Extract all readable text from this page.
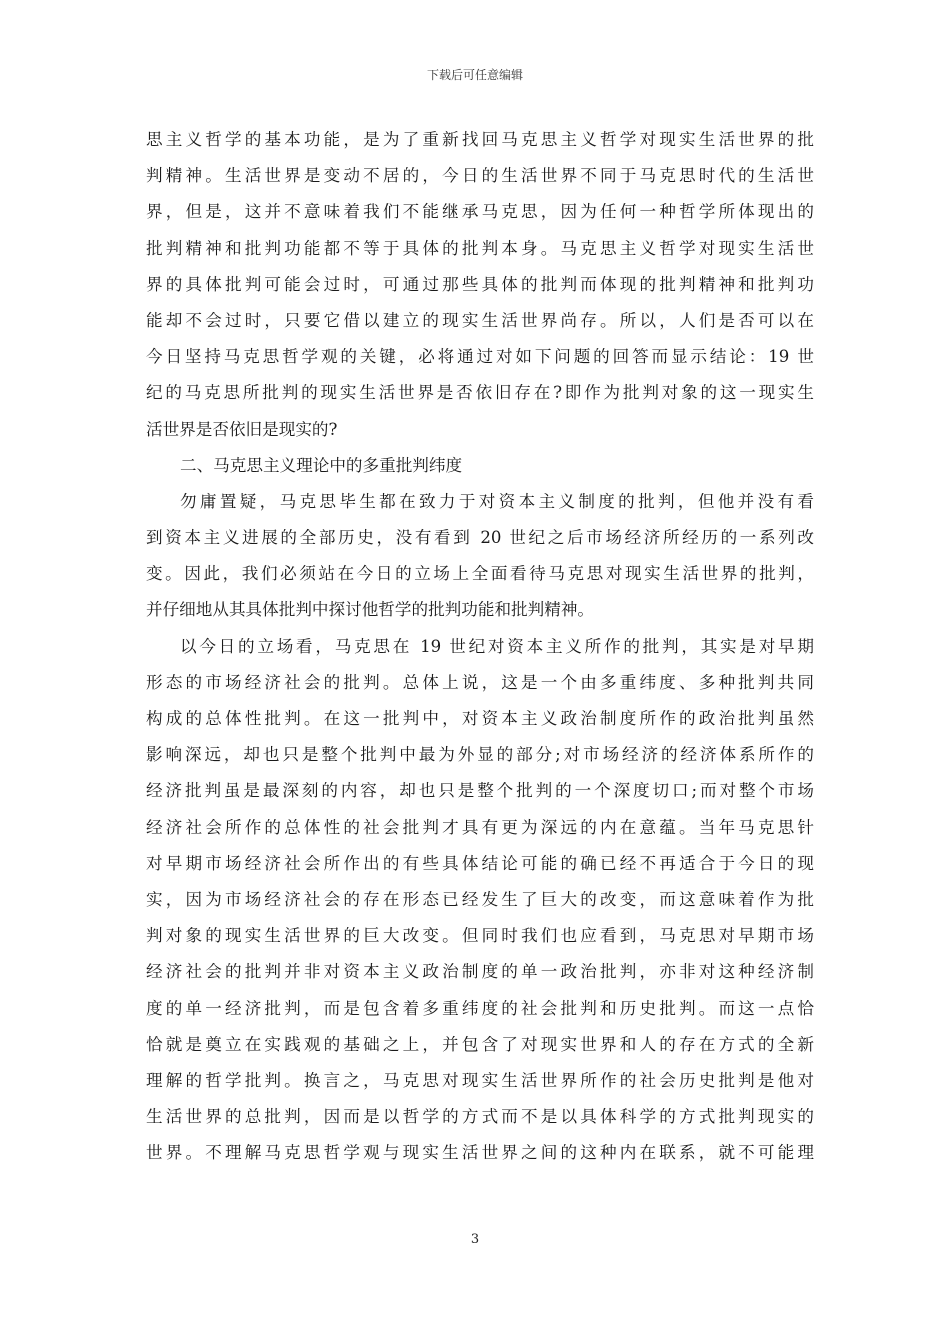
下载后可任意编辑
思主义哲学的基本功能，是为了重新找回马克思主义哲学对现实生活世界的批
判精神。生活世界是变动不居的，今日的生活世界不同于马克思时代的生活世
界，但是，这并不意味着我们不能继承马克思，因为任何一种哲学所体现出的
批判精神和批判功能都不等于具体的批判本身。马克思主义哲学对现实生活世
界的具体批判可能会过时，可通过那些具体的批判而体现的批判精神和批判功
能却不会过时，只要它借以建立的现实生活世界尚存。所以，人们是否可以在
今日坚持马克思哲学观的关键，必将通过对如下问题的回答而显示结论：19 世
纪的马克思所批判的现实生活世界是否依旧存在?即作为批判对象的这一现实生
活世界是否依旧是现实的?
二、马克思主义理论中的多重批判纬度
勿庸置疑，马克思毕生都在致力于对资本主义制度的批判，但他并没有看
到资本主义进展的全部历史，没有看到 20 世纪之后市场经济所经历的一系列改
变。因此，我们必须站在今日的立场上全面看待马克思对现实生活世界的批判，
并仔细地从其具体批判中探讨他哲学的批判功能和批判精神。
以今日的立场看，马克思在 19 世纪对资本主义所作的批判，其实是对早期
形态的市场经济社会的批判。总体上说，这是一个由多重纬度、多种批判共同
构成的总体性批判。在这一批判中，对资本主义政治制度所作的政治批判虽然
影响深远，却也只是整个批判中最为外显的部分;对市场经济的经济体系所作的
经济批判虽是最深刻的内容，却也只是整个批判的一个深度切口;而对整个市场
经济社会所作的总体性的社会批判才具有更为深远的内在意蕴。当年马克思针
对早期市场经济社会所作出的有些具体结论可能的确已经不再适合于今日的现
实，因为市场经济社会的存在形态已经发生了巨大的改变，而这意味着作为批
判对象的现实生活世界的巨大改变。但同时我们也应看到，马克思对早期市场
经济社会的批判并非对资本主义政治制度的单一政治批判，亦非对这种经济制
度的单一经济批判，而是包含着多重纬度的社会批判和历史批判。而这一点恰
恰就是奠立在实践观的基础之上，并包含了对现实世界和人的存在方式的全新
理解的哲学批判。换言之，马克思对现实生活世界所作的社会历史批判是他对
生活世界的总批判，因而是以哲学的方式而不是以具体科学的方式批判现实的
世界。不理解马克思哲学观与现实生活世界之间的这种内在联系，就不可能理
3
